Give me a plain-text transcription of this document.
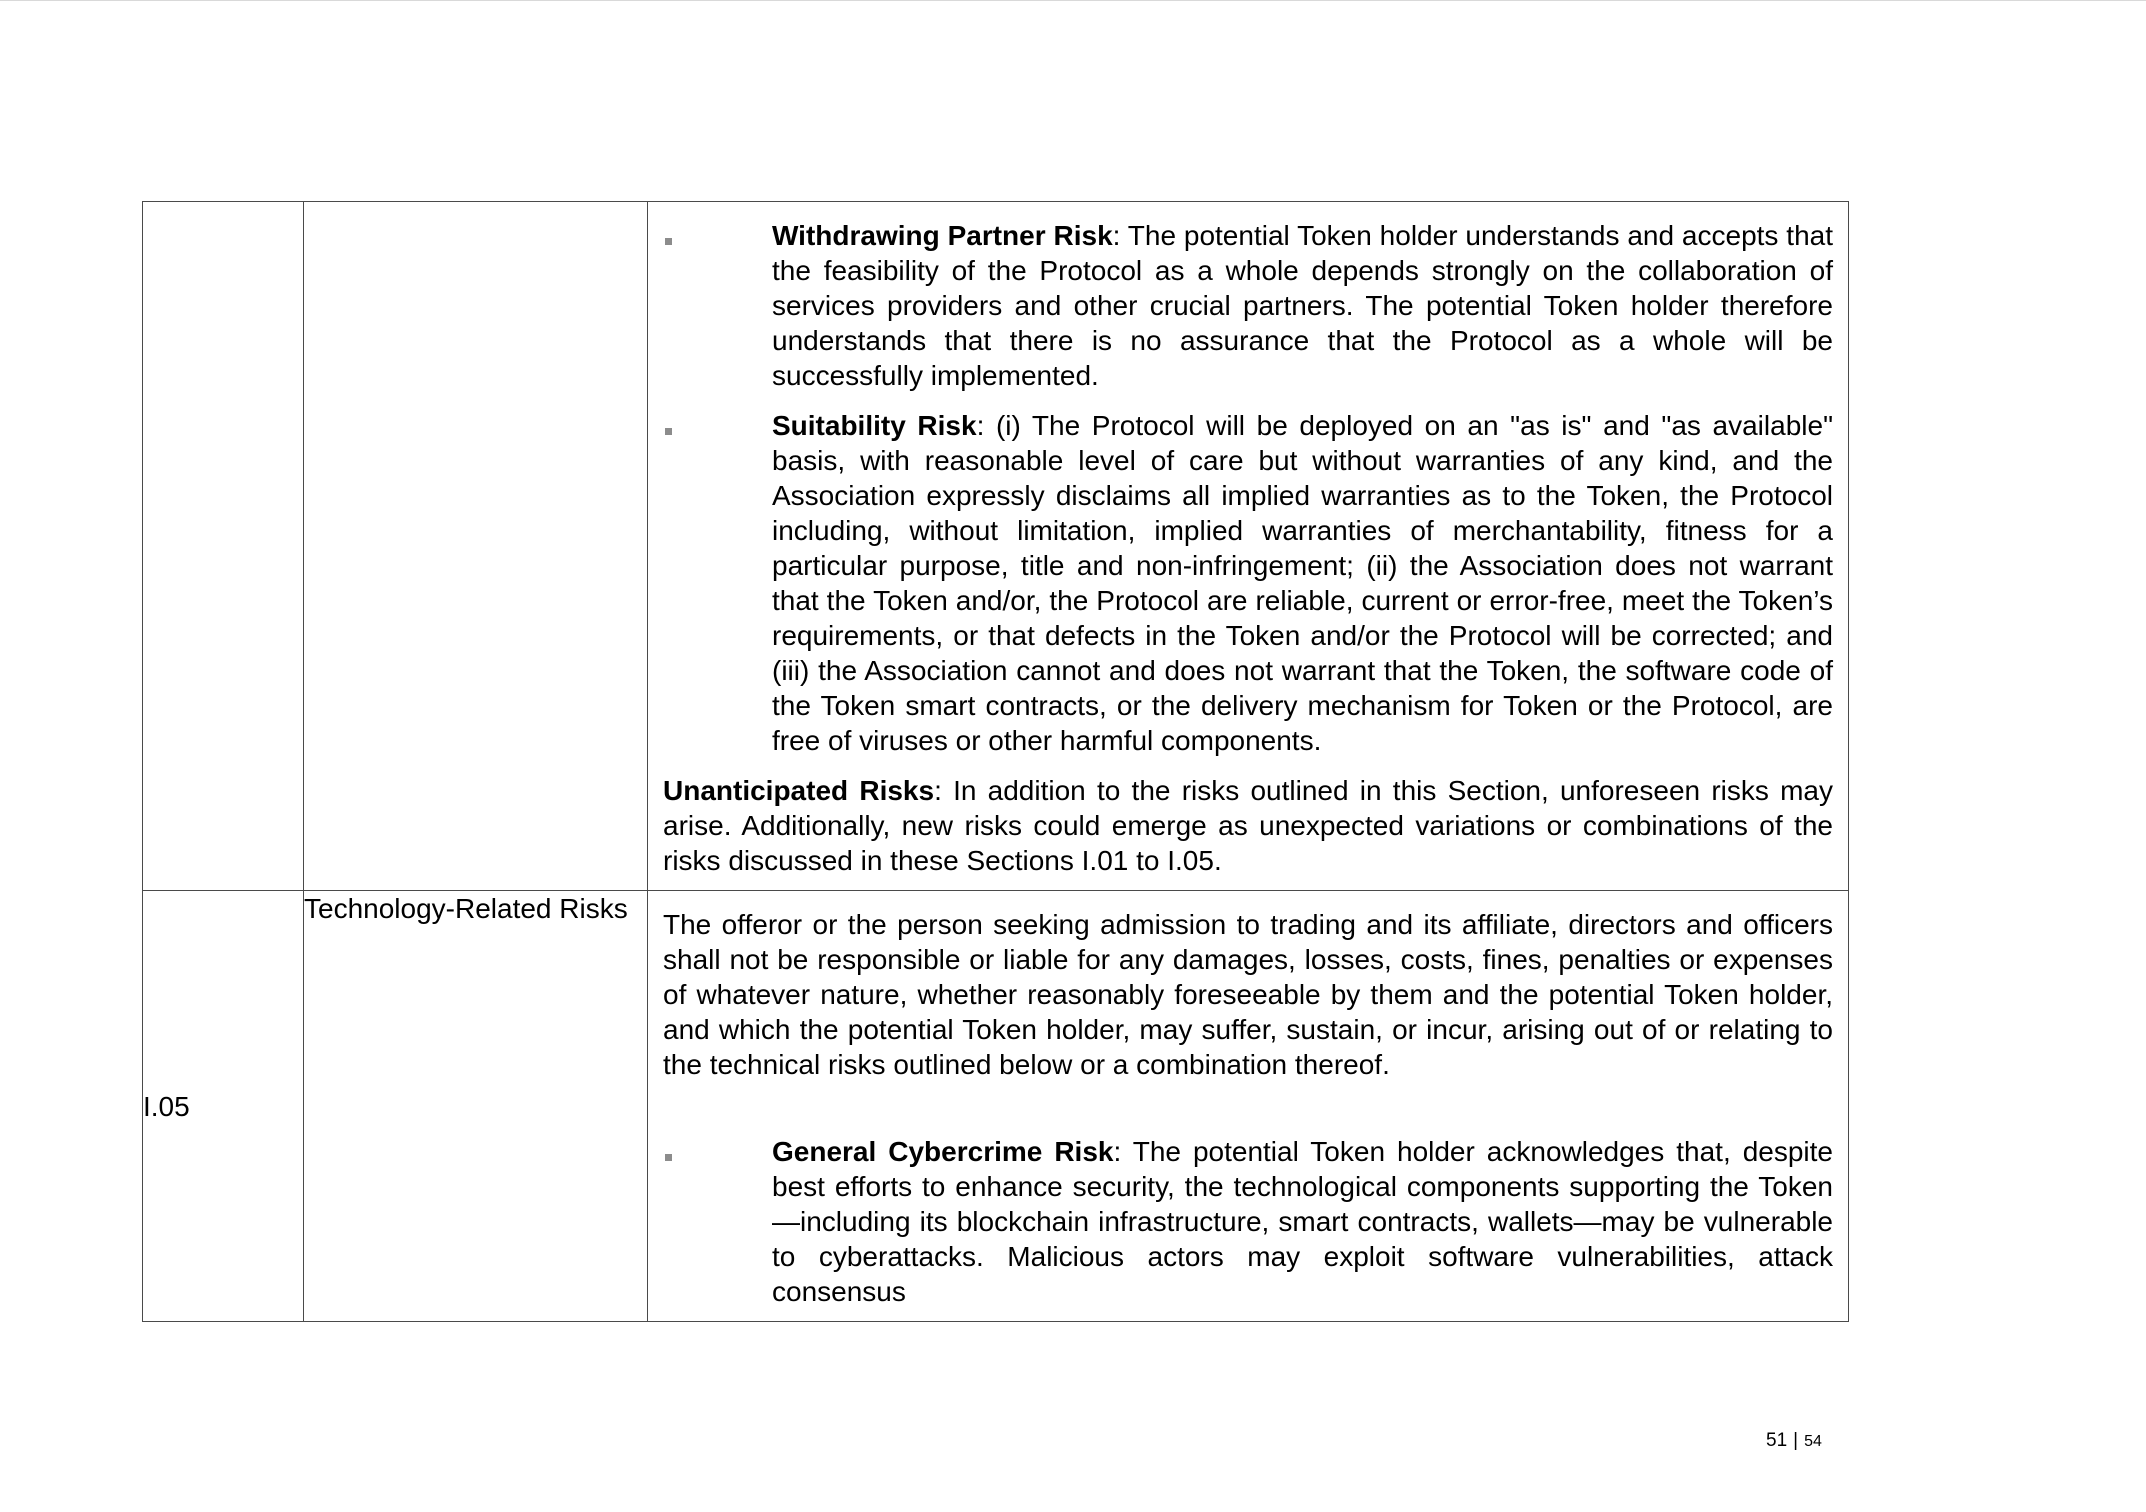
		Withdrawing Partner Risk: The potential Token holder understands and accepts that the feasibility of the Protocol as a whole depends strongly on the collaboration of services providers and other crucial partners. The potential Token holder therefore understands that there is no assurance that the Protocol as a whole will be successfully implemented.
Suitability Risk: (i) The Protocol will be deployed on an "as is" and "as available" basis, with reasonable level of care but without warranties of any kind, and the Association expressly disclaims all implied warranties as to the Token, the Protocol including, without limitation, implied warranties of merchantability, fitness for a particular purpose, title and non-infringement; (ii) the Association does not warrant that the Token and/or, the Protocol are reliable, current or error-free, meet the Token’s requirements, or that defects in the Token and/or the Protocol will be corrected; and (iii) the Association cannot and does not warrant that the Token, the software code of the Token smart contracts, or the delivery mechanism for Token or the Protocol, are free of viruses or other harmful components.
Unanticipated Risks: In addition to the risks outlined in this Section, unforeseen risks may arise. Additionally, new risks could emerge as unexpected variations or combinations of the risks discussed in these Sections I.01 to I.05.

I.05	Technology-Related Risks	The offeror or the person seeking admission to trading and its affiliate, directors and officers shall not be responsible or liable for any damages, losses, costs, fines, penalties or expenses of whatever nature, whether reasonably foreseeable by them and the potential Token holder, and which the potential Token holder, may suffer, sustain, or incur, arising out of or relating to the technical risks outlined below or a combination thereof.
General Cybercrime Risk: The potential Token holder acknowledges that, despite best efforts to enhance security, the technological components supporting the Token—including its blockchain infrastructure, smart contracts, wallets—may be vulnerable to cyberattacks. Malicious actors may exploit software vulnerabilities, attack consensus
51 | 54
